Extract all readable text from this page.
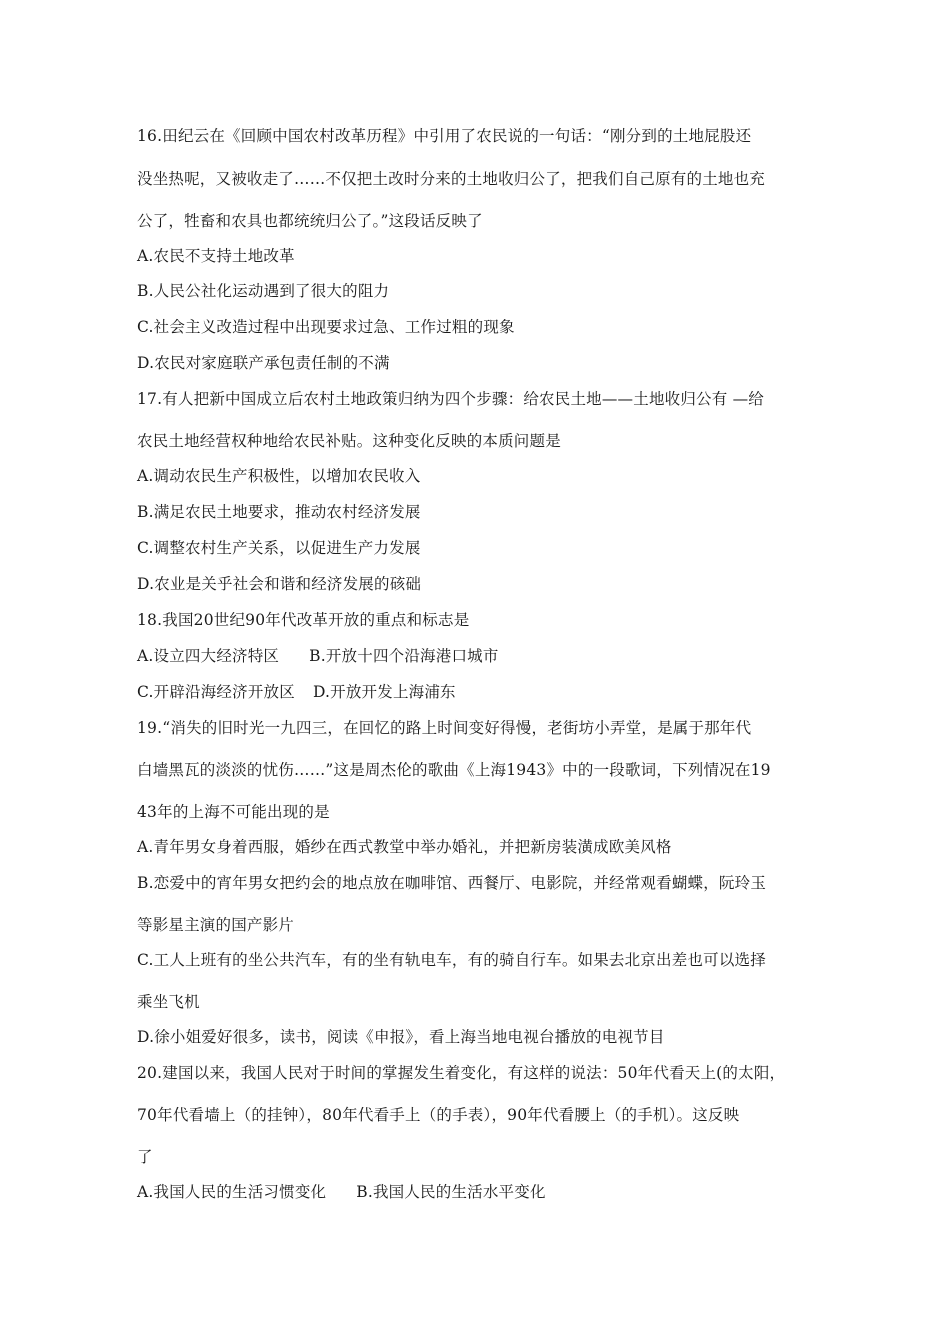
16.田纪云在《回顾中国农村改革历程》中引用了农民说的一句话：“刚分到的土地屁股还
没坐热呢，又被收走了……不仅把土改时分来的土地收归公了，把我们自己原有的土地也充
公了，牲畜和农具也都统统归公了。”这段话反映了
A.农民不支持土地改革
B.人民公社化运动遇到了很大的阻力
C.社会主义改造过程中出现要求过急、工作过粗的现象
D.农民对家庭联产承包责任制的不满
17.有人把新中国成立后农村土地政策归纳为四个步骤：给农民土地——土地收归公有 —给
农民土地经营权种地给农民补贴。这种变化反映的本质问题是
A.调动农民生产积极性，以增加农民收入
B.满足农民土地要求，推动农村经济发展
C.调整农村生产关系，以促进生产力发展
D.农业是关乎社会和谐和经济发展的硋础
18.我国20世纪90年代改革开放的重点和标志是
A.设立四大经济特区 B.开放十四个沿海港口城市
C.开辟沿海经济开放区 D.开放开发上海浦东
19.“消失的旧时光一九四三，在回忆的路上时间变好得慢，老街坊小弄堂，是属于那年代
白墙黑瓦的淡淡的忧伤……”这是周杰伦的歌曲《上海1943》中的一段歌词，下列情况在19
43年的上海不可能出现的是
A.青年男女身着西服，婚纱在西式教堂中举办婚礼，并把新房装潢成欧美风格
B.恋爱中的宵年男女把约会的地点放在咖啡馆、西餐厅、电影院，并经常观看蝴蝶，阮玲玉
等影星主演的国产影片
C.工人上班有的坐公共汽车，有的坐有轨电车，有的骑自行车。如果去北京出差也可以选择
乘坐飞机
D.徐小姐爱好很多，读书，阅读《申报》，看上海当地电视台播放的电视节目
20.建国以来，我国人民对于时间的掌握发生着变化，有这样的说法：50年代看天上(的太阳，
70年代看墙上（的挂钟），80年代看手上（的手表），90年代看腰上（的手机）。这反映
了
A.我国人民的生活习惯变化 B.我国人民的生活水平变化
